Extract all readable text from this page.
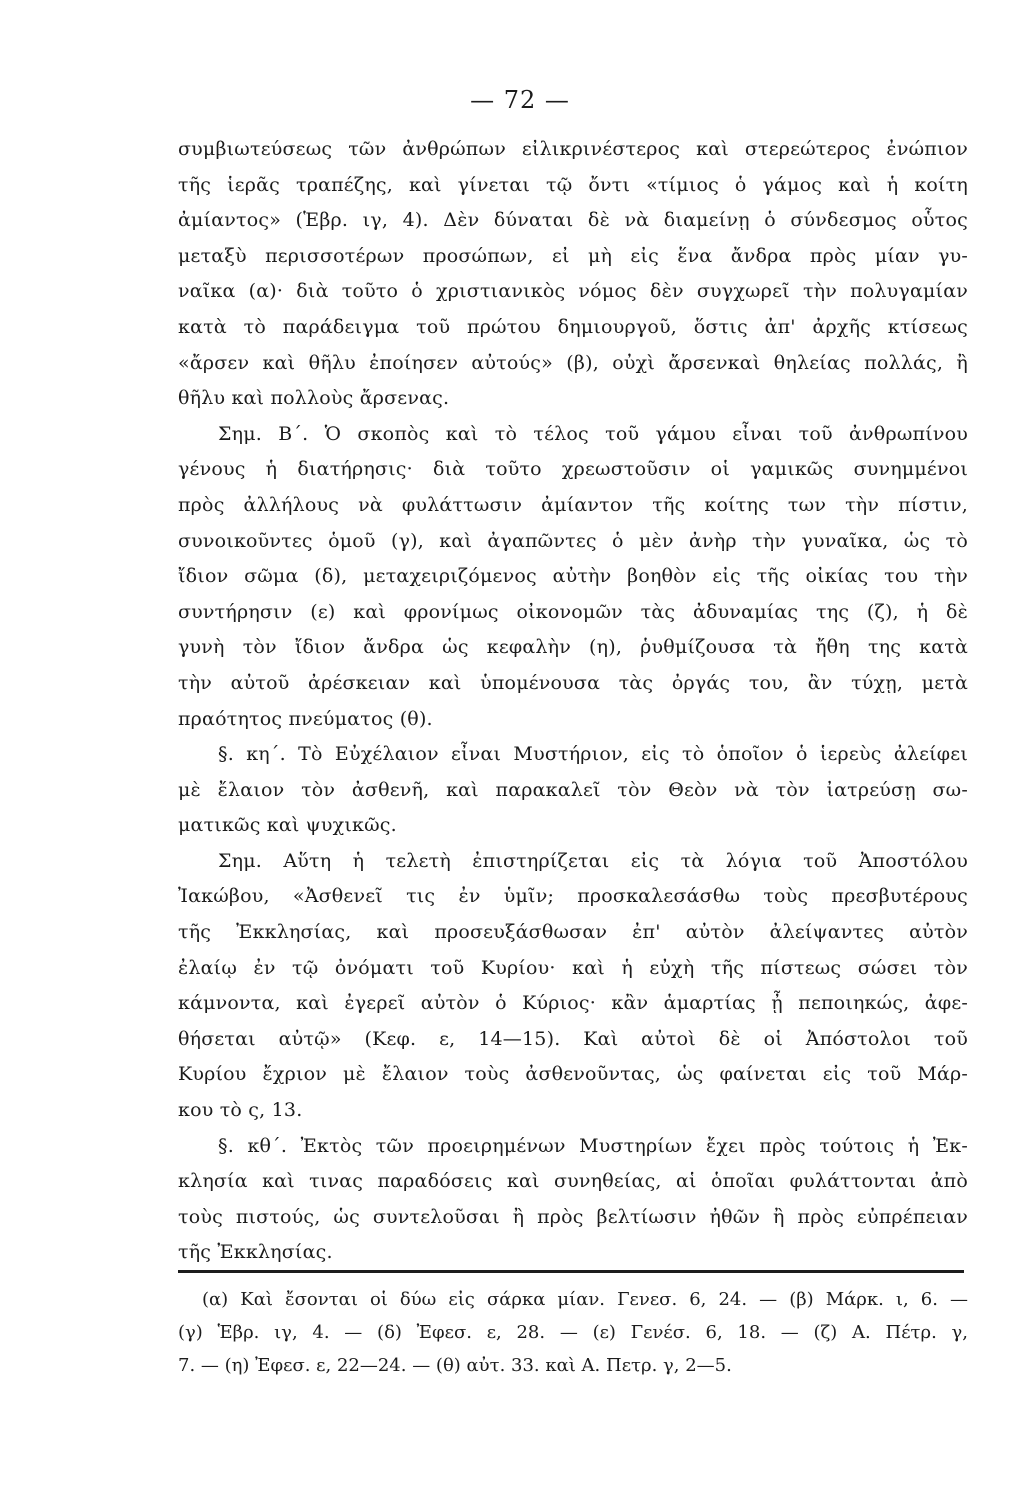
— 72 —
συμβιωτεύσεως τῶν ἀνθρώπων εἰλικρινέστερος καὶ στερεώτερος ἐνώπιον
τῆς ἱερᾶς τραπέζης, καὶ γίνεται τῷ ὄντι «τίμιος ὁ γάμος καὶ ἡ κοίτη
ἀμίαντος» (Ἑβρ. ιγ, 4). Δὲν δύναται δὲ νὰ διαμείνῃ ὁ σύνδεσμος οὗτος
μεταξὺ περισσοτέρων προσώπων, εἰ μὴ εἰς ἕνα ἄνδρα πρὸς μίαν γυ-
ναῖκα (α)· διὰ τοῦτο ὁ χριστιανικὸς νόμος δὲν συγχωρεῖ τὴν πολυγαμίαν
κατὰ τὸ παράδειγμα τοῦ πρώτου δημιουργοῦ, ὅστις ἀπ' ἀρχῆς κτίσεως
«ἄρσεν καὶ θῆλυ ἐποίησεν αὐτούς» (β), οὐχὶ ἄρσενκαὶ θηλείας πολλάς, ἢ
θῆλυ καὶ πολλοὺς ἄρσενας.
Σημ. Β΄. Ὁ σκοπὸς καὶ τὸ τέλος τοῦ γάμου εἶναι τοῦ ἀνθρωπίνου
γένους ἡ διατήρησις· διὰ τοῦτο χρεωστοῦσιν οἱ γαμικῶς συνημμένοι
πρὸς ἀλλήλους νὰ φυλάττωσιν ἀμίαντον τῆς κοίτης των τὴν πίστιν,
συνοικοῦντες ὁμοῦ (γ), καὶ ἀγαπῶντες ὁ μὲν ἀνὴρ τὴν γυναῖκα, ὡς τὸ
ἴδιον σῶμα (δ), μεταχειριζόμενος αὐτὴν βοηθὸν εἰς τῆς οἰκίας του τὴν
συντήρησιν (ε) καὶ φρονίμως οἰκονομῶν τὰς ἀδυναμίας της (ζ), ἡ δὲ
γυνὴ τὸν ἴδιον ἄνδρα ὡς κεφαλὴν (η), ῥυθμίζουσα τὰ ἤθη της κατὰ
τὴν αὐτοῦ ἀρέσκειαν καὶ ὑπομένουσα τὰς ὀργάς του, ἂν τύχῃ, μετὰ
πραότητος πνεύματος (θ).
§. κη΄. Τὸ Εὐχέλαιον εἶναι Μυστήριον, εἰς τὸ ὁποῖον ὁ ἱερεὺς ἀλείφει
μὲ ἔλαιον τὸν ἀσθενῆ, καὶ παρακαλεῖ τὸν Θεὸν νὰ τὸν ἰατρεύσῃ σω-
ματικῶς καὶ ψυχικῶς.
Σημ. Αὕτη ἡ τελετὴ ἐπιστηρίζεται εἰς τὰ λόγια τοῦ Ἀποστόλου
Ἰακώβου, «Ἀσθενεῖ τις ἐν ὑμῖν; προσκαλεσάσθω τοὺς πρεσβυτέρους
τῆς Ἐκκλησίας, καὶ προσευξάσθωσαν ἐπ' αὐτὸν ἀλείψαντες αὐτὸν
ἐλαίῳ ἐν τῷ ὀνόματι τοῦ Κυρίου· καὶ ἡ εὐχὴ τῆς πίστεως σώσει τὸν
κάμνοντα, καὶ ἐγερεῖ αὐτὸν ὁ Κύριος· κἂν ἁμαρτίας ᾖ πεποιηκώς, ἀφε-
θήσεται αὐτῷ» (Κεφ. ε, 14—15). Καὶ αὐτοὶ δὲ οἱ Ἀπόστολοι τοῦ
Κυρίου ἔχριον μὲ ἔλαιον τοὺς ἀσθενοῦντας, ὡς φαίνεται εἰς τοῦ Μάρ-
κου τὸ ς, 13.
§. κθ΄. Ἐκτὸς τῶν προειρημένων Μυστηρίων ἔχει πρὸς τούτοις ἡ Ἐκ-
κλησία καὶ τινας παραδόσεις καὶ συνηθείας, αἱ ὁποῖαι φυλάττονται ἀπὸ
τοὺς πιστούς, ὡς συντελοῦσαι ἢ πρὸς βελτίωσιν ἠθῶν ἢ πρὸς εὐπρέπειαν
τῆς Ἐκκλησίας.
(α) Καὶ ἔσονται οἱ δύω εἰς σάρκα μίαν. Γενεσ. 6, 24. — (β) Μάρκ. ι, 6. —
(γ) Ἑβρ. ιγ, 4. — (δ) Ἐφεσ. ε, 28. — (ε) Γενέσ. 6, 18. — (ζ) Α. Πέτρ. γ,
7. — (η) Ἐφεσ. ε, 22—24. — (θ) αὐτ. 33. καὶ Α. Πετρ. γ, 2—5.
